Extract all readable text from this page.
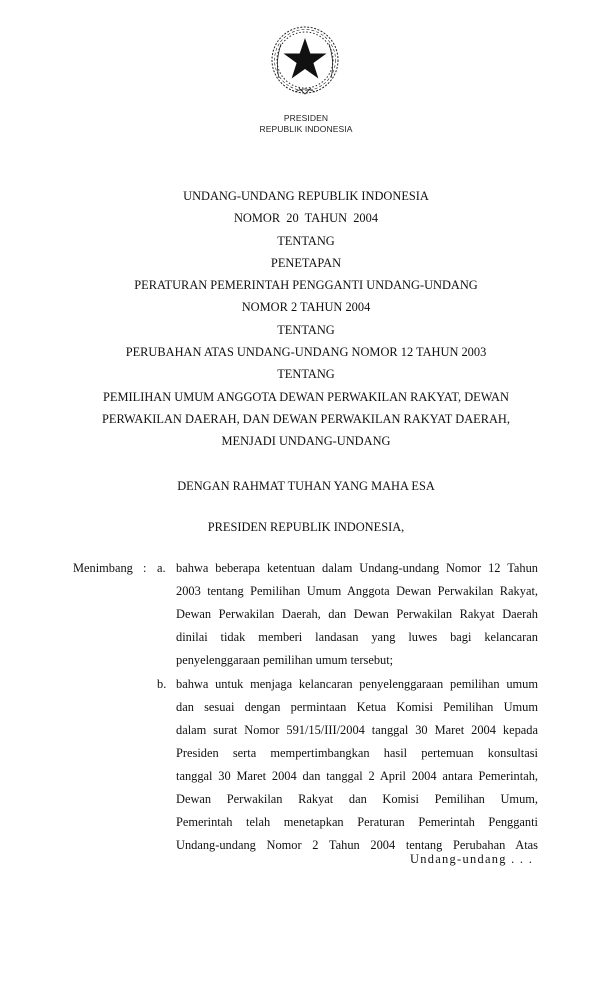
PRESIDEN
REPUBLIK INDONESIA
UNDANG-UNDANG REPUBLIK INDONESIA
NOMOR  20  TAHUN  2004
TENTANG
PENETAPAN
PERATURAN PEMERINTAH PENGGANTI UNDANG-UNDANG
NOMOR 2 TAHUN 2004
TENTANG
PERUBAHAN ATAS UNDANG-UNDANG NOMOR 12 TAHUN 2003
TENTANG
PEMILIHAN UMUM ANGGOTA DEWAN PERWAKILAN RAKYAT, DEWAN
PERWAKILAN DAERAH, DAN DEWAN PERWAKILAN RAKYAT DAERAH,
MENJADI UNDANG-UNDANG
DENGAN RAHMAT TUHAN YANG MAHA ESA
PRESIDEN REPUBLIK INDONESIA,
Menimbang : a. bahwa beberapa ketentuan dalam Undang-undang Nomor 12 Tahun
2003 tentang Pemilihan Umum Anggota Dewan Perwakilan Rakyat,
Dewan Perwakilan Daerah, dan Dewan Perwakilan Rakyat Daerah
dinilai tidak memberi landasan yang luwes bagi kelancaran
penyelenggaraan pemilihan umum tersebut;
b. bahwa untuk menjaga kelancaran penyelenggaraan pemilihan umum
dan sesuai dengan permintaan Ketua Komisi Pemilihan Umum
dalam surat Nomor 591/15/III/2004 tanggal 30 Maret 2004 kepada
Presiden serta mempertimbangkan hasil pertemuan konsultasi
tanggal 30 Maret 2004 dan tanggal 2 April 2004 antara Pemerintah,
Dewan Perwakilan Rakyat dan Komisi Pemilihan Umum,
Pemerintah telah menetapkan Peraturan Pemerintah Pengganti
Undang-undang Nomor 2 Tahun 2004 tentang Perubahan Atas
Undang-undang . . .
